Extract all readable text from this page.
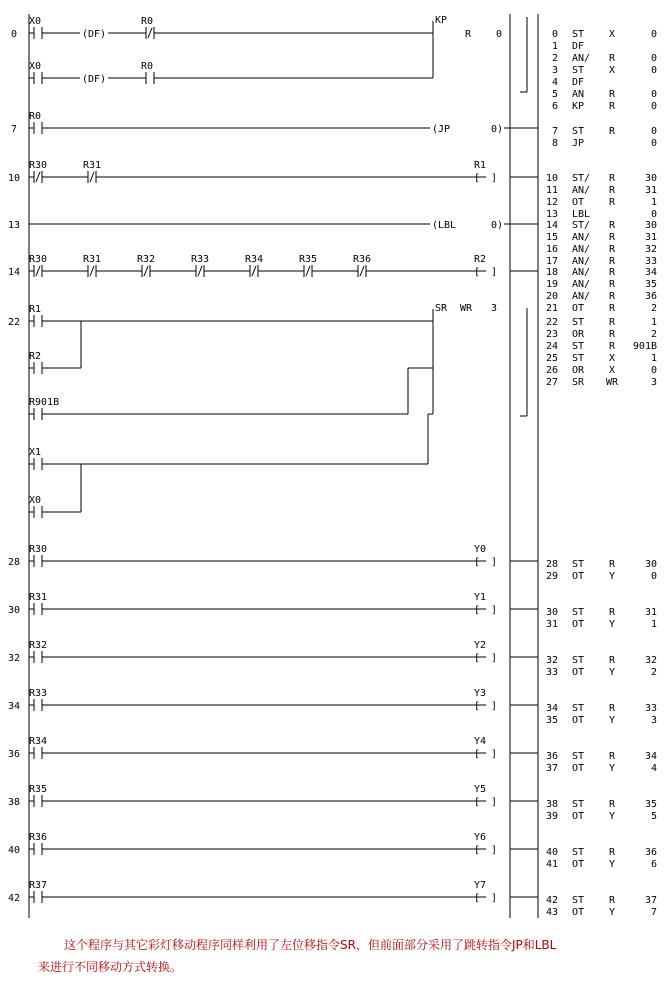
0
X0
(DF)
R0
X0
(DF)
R0
KP
R 0
7
R0
(JP	0)
10
R30	R31	R1
[ ]
13	(LBL	0)
14
R30	R31	R32	R33	R34	R35	R36	R2
[ ]
22
R1
R2
R901B
X1
X0
SR WR 3
28
R30	Y0
[ ]
30
R31	Y1
[ ]
32
R32	Y2
[ ]
34
R33	Y3
[ ]
36
R34	Y4
[ ]
38
R35	Y5
[ ]
40
R36	Y6
[ ]
42
R37	Y7
[ ]
0 ST X	0
1 DF
2 AN/ R	0
3 ST X	0
4 DF
5 AN R	0
6 KP R	0
7 ST R	0
8 JP	0
10 ST/ R	30
11 AN/ R	31
12 OT R	1
13 LBL	0
14 ST/ R	30
15 AN/ R	31
16 AN/ R	32
17 AN/ R	33
18 AN/ R	34
19 AN/ R	35
20 AN/ R	36
21 OT R	2
22 ST R	1
23 OR R	2
24 ST R 901B
25 ST X	1
26 OR X	0
27 SR WR	3
28 ST R	30
29 OT Y	0
30 ST R	31
31 OT Y	1
32 ST R	32
33 OT Y	2
34 ST R	33
35 OT Y	3
36 ST R	34
37 OT Y	4
38 ST R	35
39 OT Y	5
40 ST R	36
41 OT Y	6
42 ST R	37
43 OT Y	7
这个程序与其它彩灯移动程序同样利用了左位移指令SR，但前面部分采用了跳转指令JP和LBL
来进行不同移动方式转换。
